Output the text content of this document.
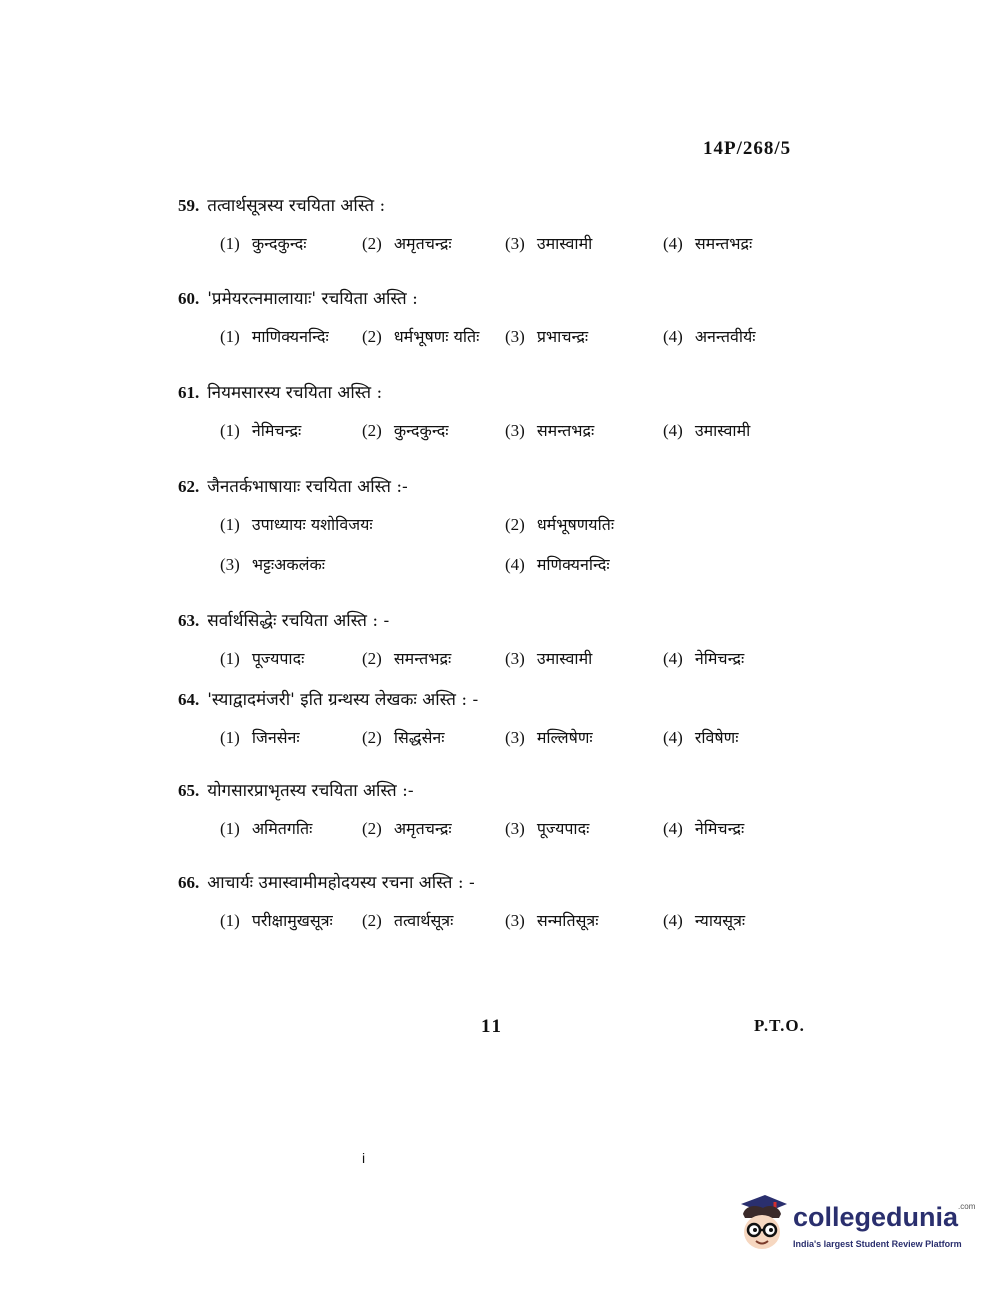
14P/268/5
59. तत्वार्थसूत्रस्य रचयिता अस्ति :
(1) कुन्दकुन्दः	(2) अमृतचन्द्रः	(3) उमास्वामी	(4) समन्तभद्रः
60. 'प्रमेयरत्नमालायाः' रचयिता अस्ति :
(1) माणिक्यनन्दिः (2) धर्मभूषणः यतिः (3) प्रभाचन्द्रः	(4) अनन्तवीर्यः
61. नियमसारस्य रचयिता अस्ति :
(1) नेमिचन्द्रः	(2) कुन्दकुन्दः	(3) समन्तभद्रः	(4) उमास्वामी
62. जैनतर्कभाषायाः रचयिता अस्ति :-
(1) उपाध्यायः यशोविजयः	(2) धर्मभूषणयतिः
(3) भट्टःअकलंकः	(4) मणिक्यनन्दिः
63. सर्वार्थसिद्धेः रचयिता अस्ति : -
(1) पूज्यपादः	(2) समन्तभद्रः	(3) उमास्वामी	(4) नेमिचन्द्रः
64. 'स्याद्वादमंजरी' इति ग्रन्थस्य लेखकः अस्ति : -
(1) जिनसेनः	(2) सिद्धसेनः	(3) मल्लिषेणः	(4) रविषेणः
65. योगसारप्राभृतस्य रचयिता अस्ति :-
(1) अमितगतिः	(2) अमृतचन्द्रः	(3) पूज्यपादः	(4) नेमिचन्द्रः
66. आचार्यः उमास्वामीमहोदयस्य रचना अस्ति : -
(1) परीक्षामुखसूत्रः (2) तत्वार्थसूत्रः	(3) सन्मतिसूत्रः	(4) न्यायसूत्रः
11	P.T.O.
i
collegedunia$^{.com}$
India's largest Student Review Platform
